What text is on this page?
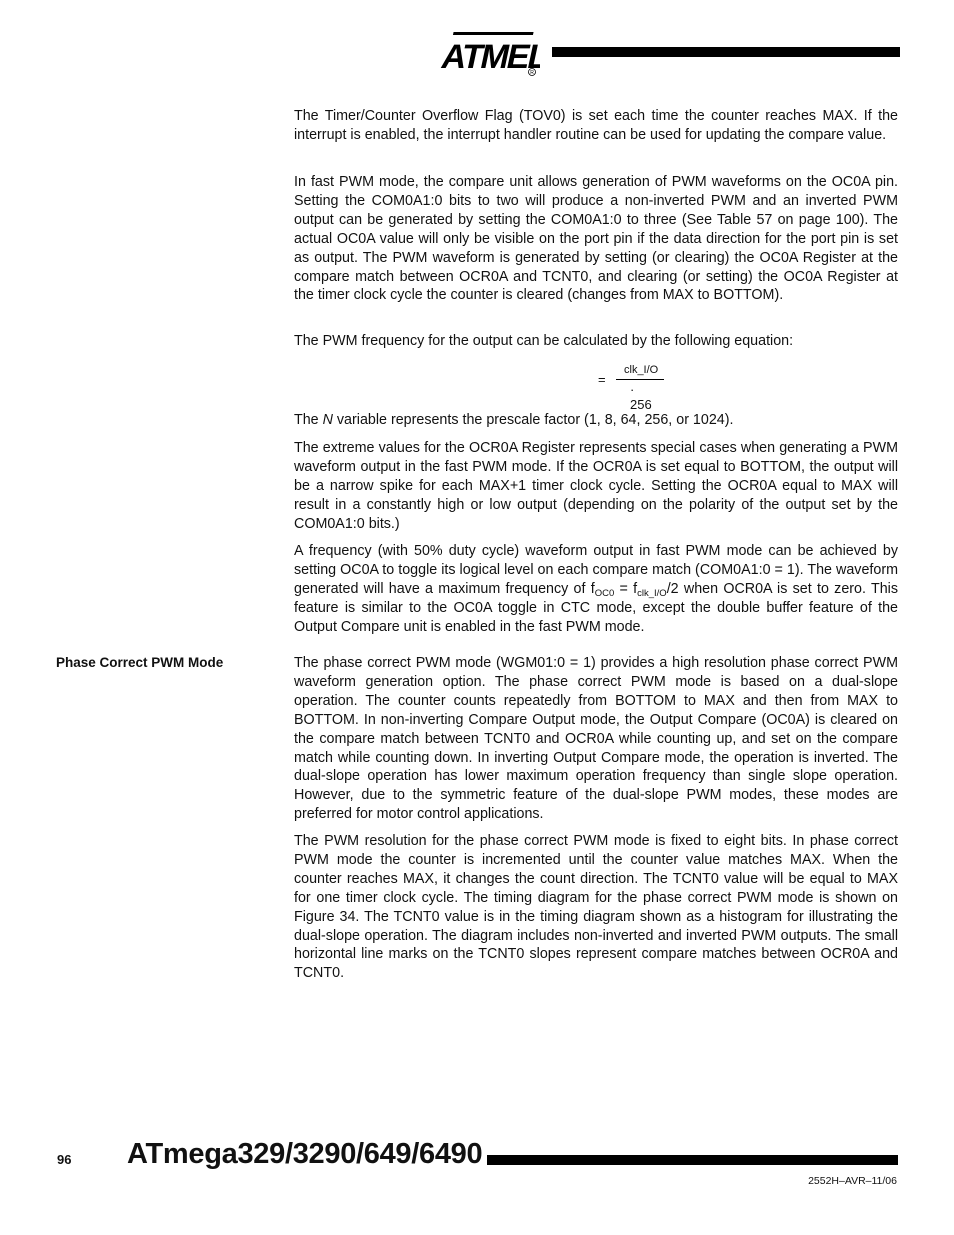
ATMEL
R

The Timer/Counter Overflow Flag (TOV0) is set each time the counter reaches MAX. If the interrupt is enabled, the interrupt handler routine can be used for updating the compare value.

In fast PWM mode, the compare unit allows generation of PWM waveforms on the OC0A pin. Setting the COM0A1:0 bits to two will produce a non-inverted PWM and an inverted PWM output can be generated by setting the COM0A1:0 to three (See Table 57 on page 100). The actual OC0A value will only be visible on the port pin if the data direction for the port pin is set as output. The PWM waveform is generated by setting (or clearing) the OC0A Register at the compare match between OCR0A and TCNT0, and clearing (or setting) the OC0A Register at the timer clock cycle the counter is cleared (changes from MAX to BOTTOM).

The PWM frequency for the output can be calculated by the following equation:

=
clk_I/O
· 256

The N variable represents the prescale factor (1, 8, 64, 256, or 1024).

The extreme values for the OCR0A Register represents special cases when generating a PWM waveform output in the fast PWM mode. If the OCR0A is set equal to BOTTOM, the output will be a narrow spike for each MAX+1 timer clock cycle. Setting the OCR0A equal to MAX will result in a constantly high or low output (depending on the polarity of the output set by the COM0A1:0 bits.)

A frequency (with 50% duty cycle) waveform output in fast PWM mode can be achieved by setting OC0A to toggle its logical level on each compare match (COM0A1:0 = 1). The waveform generated will have a maximum frequency of $f_{OC0} = f_{clk\_I/O}/2$ when OCR0A is set to zero. This feature is similar to the OC0A toggle in CTC mode, except the double buffer feature of the Output Compare unit is enabled in the fast PWM mode.

Phase Correct PWM Mode	The phase correct PWM mode (WGM01:0 = 1) provides a high resolution phase correct PWM waveform generation option. The phase correct PWM mode is based on a dual-slope operation. The counter counts repeatedly from BOTTOM to MAX and then from MAX to BOTTOM. In non-inverting Compare Output mode, the Output Compare (OC0A) is cleared on the compare match between TCNT0 and OCR0A while counting up, and set on the compare match while counting down. In inverting Output Compare mode, the operation is inverted. The dual-slope operation has lower maximum operation frequency than single slope operation. However, due to the symmetric feature of the dual-slope PWM modes, these modes are preferred for motor control applications.

The PWM resolution for the phase correct PWM mode is fixed to eight bits. In phase correct PWM mode the counter is incremented until the counter value matches MAX. When the counter reaches MAX, it changes the count direction. The TCNT0 value will be equal to MAX for one timer clock cycle. The timing diagram for the phase correct PWM mode is shown on Figure 34. The TCNT0 value is in the timing diagram shown as a histogram for illustrating the dual-slope operation. The diagram includes non-inverted and inverted PWM outputs. The small horizontal line marks on the TCNT0 slopes represent compare matches between OCR0A and TCNT0.

96 ATmega329/3290/649/6490
2552H–AVR–11/06
